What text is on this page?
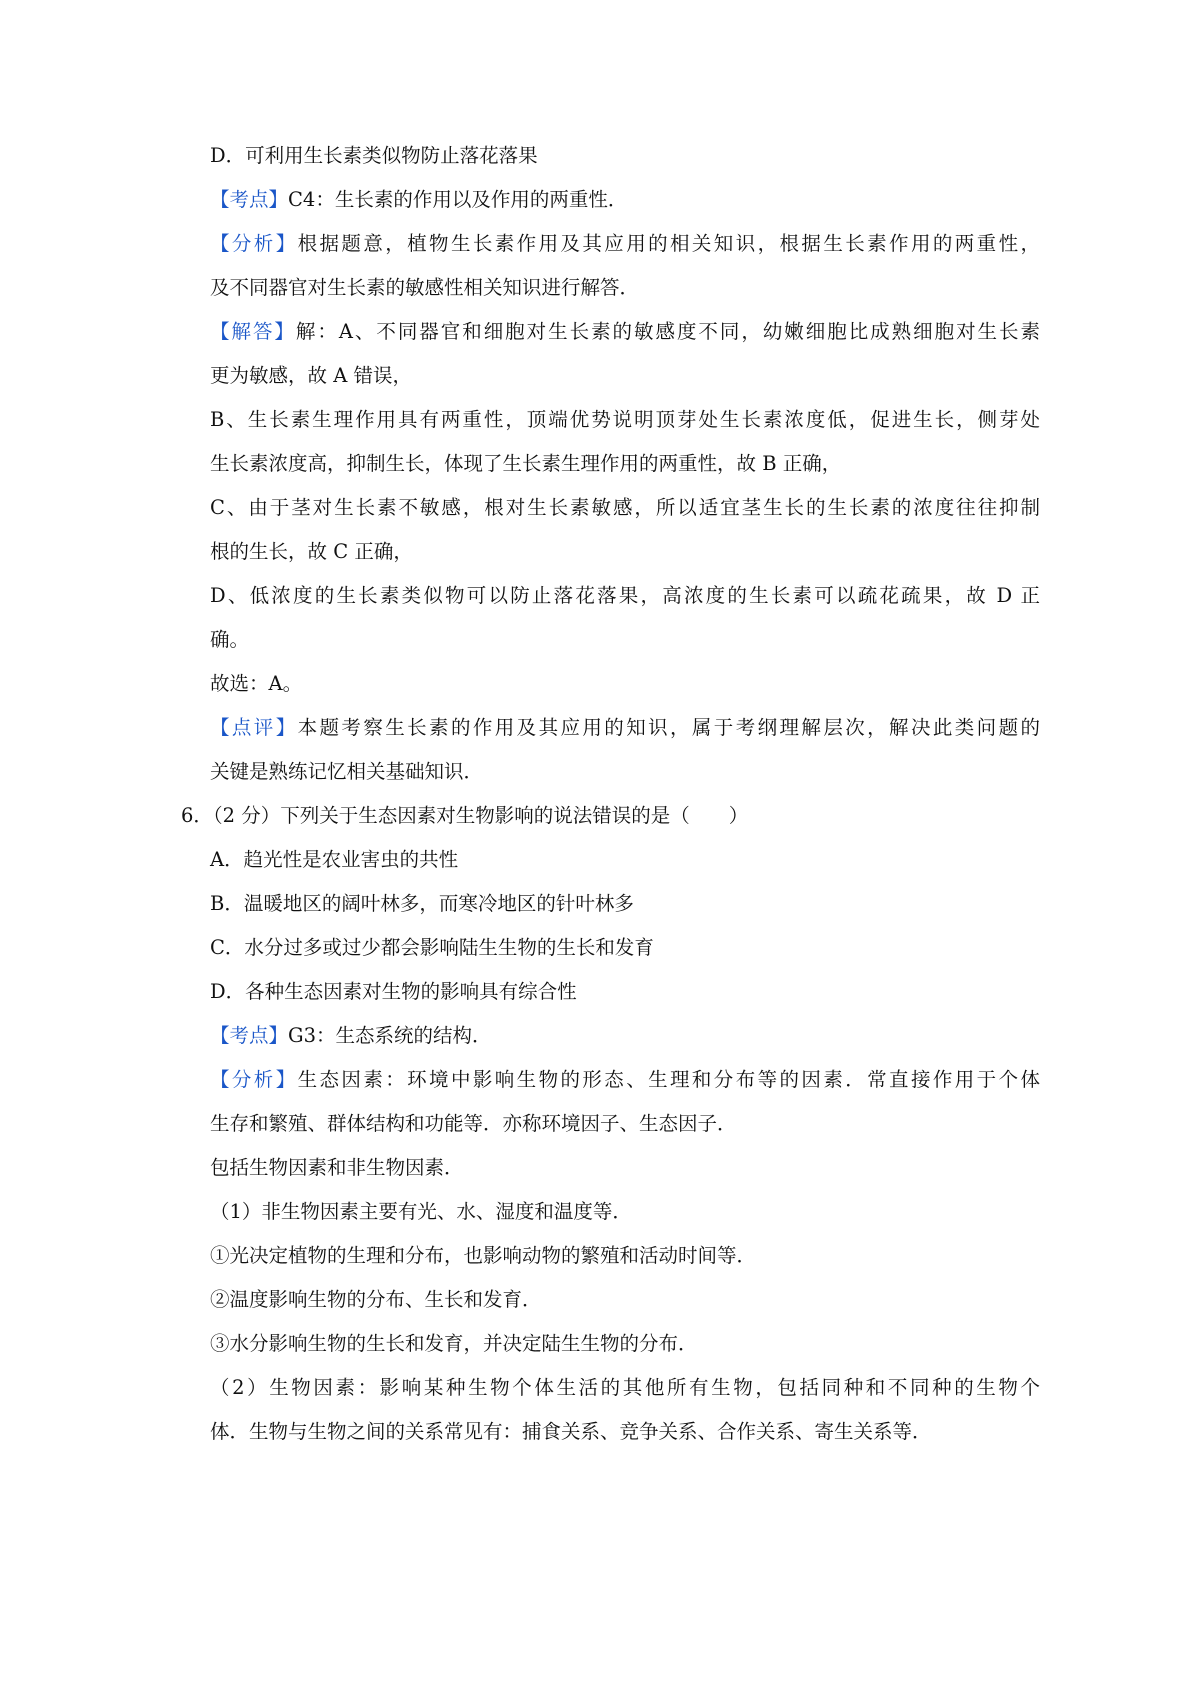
D．可利用生长素类似物防止落花落果
【考点】C4：生长素的作用以及作用的两重性．
【分析】根据题意，植物生长素作用及其应用的相关知识，根据生长素作用的两重性，
及不同器官对生长素的敏感性相关知识进行解答．
【解答】解：A、不同器官和细胞对生长素的敏感度不同，幼嫩细胞比成熟细胞对生长素
更为敏感，故 A 错误，
B、生长素生理作用具有两重性，顶端优势说明顶芽处生长素浓度低，促进生长，侧芽处
生长素浓度高，抑制生长，体现了生长素生理作用的两重性，故 B 正确，
C、由于茎对生长素不敏感，根对生长素敏感，所以适宜茎生长的生长素的浓度往往抑制
根的生长，故 C 正确，
D、低浓度的生长素类似物可以防止落花落果，高浓度的生长素可以疏花疏果，故 D 正
确。
故选：A。
【点评】本题考察生长素的作用及其应用的知识，属于考纲理解层次，解决此类问题的
关键是熟练记忆相关基础知识．
6．（2 分）下列关于生态因素对生物影响的说法错误的是（　　）
A．趋光性是农业害虫的共性
B．温暖地区的阔叶林多，而寒冷地区的针叶林多
C．水分过多或过少都会影响陆生生物的生长和发育
D．各种生态因素对生物的影响具有综合性
【考点】G3：生态系统的结构．
【分析】生态因素：环境中影响生物的形态、生理和分布等的因素．常直接作用于个体
生存和繁殖、群体结构和功能等．亦称环境因子、生态因子．
包括生物因素和非生物因素．
（1）非生物因素主要有光、水、湿度和温度等．
①光决定植物的生理和分布，也影响动物的繁殖和活动时间等．
②温度影响生物的分布、生长和发育．
③水分影响生物的生长和发育，并决定陆生生物的分布．
（2）生物因素：影响某种生物个体生活的其他所有生物，包括同种和不同种的生物个
体．生物与生物之间的关系常见有：捕食关系、竞争关系、合作关系、寄生关系等．
